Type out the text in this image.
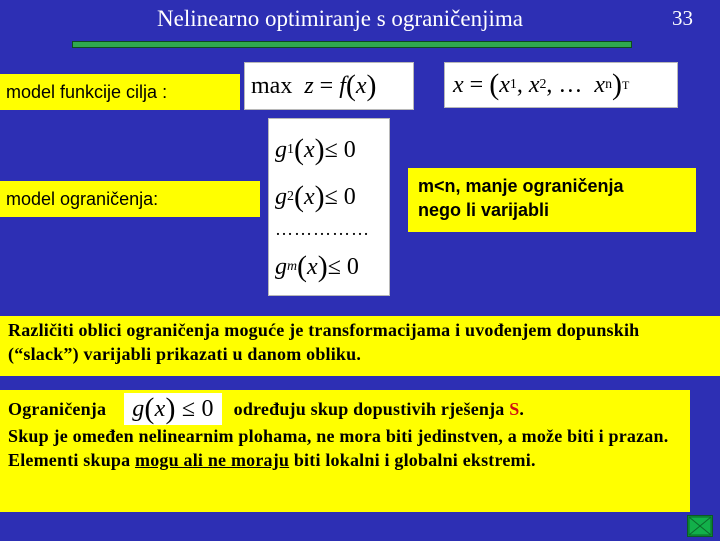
Nelinearno optimiranje s ograničenjima	33
model funkcije cilja :	max
z
=
f ( x )	x
=
( x 1 ,
x 2 ,
…
x n ) T
model ograničenja:
g 1 ( x ) ≤
0
g 2 ( x ) ≤
0
……………
g m ( x ) ≤
0
m<n, manje ograničenja
nego li varijabli
Različiti oblici ograničenja moguće je transformacijama i uvođenjem dopunskih (“slack”) varijabli prikazati u danom obliku.
Ograničenja g ( x )
≤
0 određuju skup dopustivih rješenja
S .
Skup je omeđen nelinearnim plohama, ne mora biti jedinstven, a može biti i prazan. Elementi skupa mogu ali ne moraju biti lokalni i globalni ekstremi.
